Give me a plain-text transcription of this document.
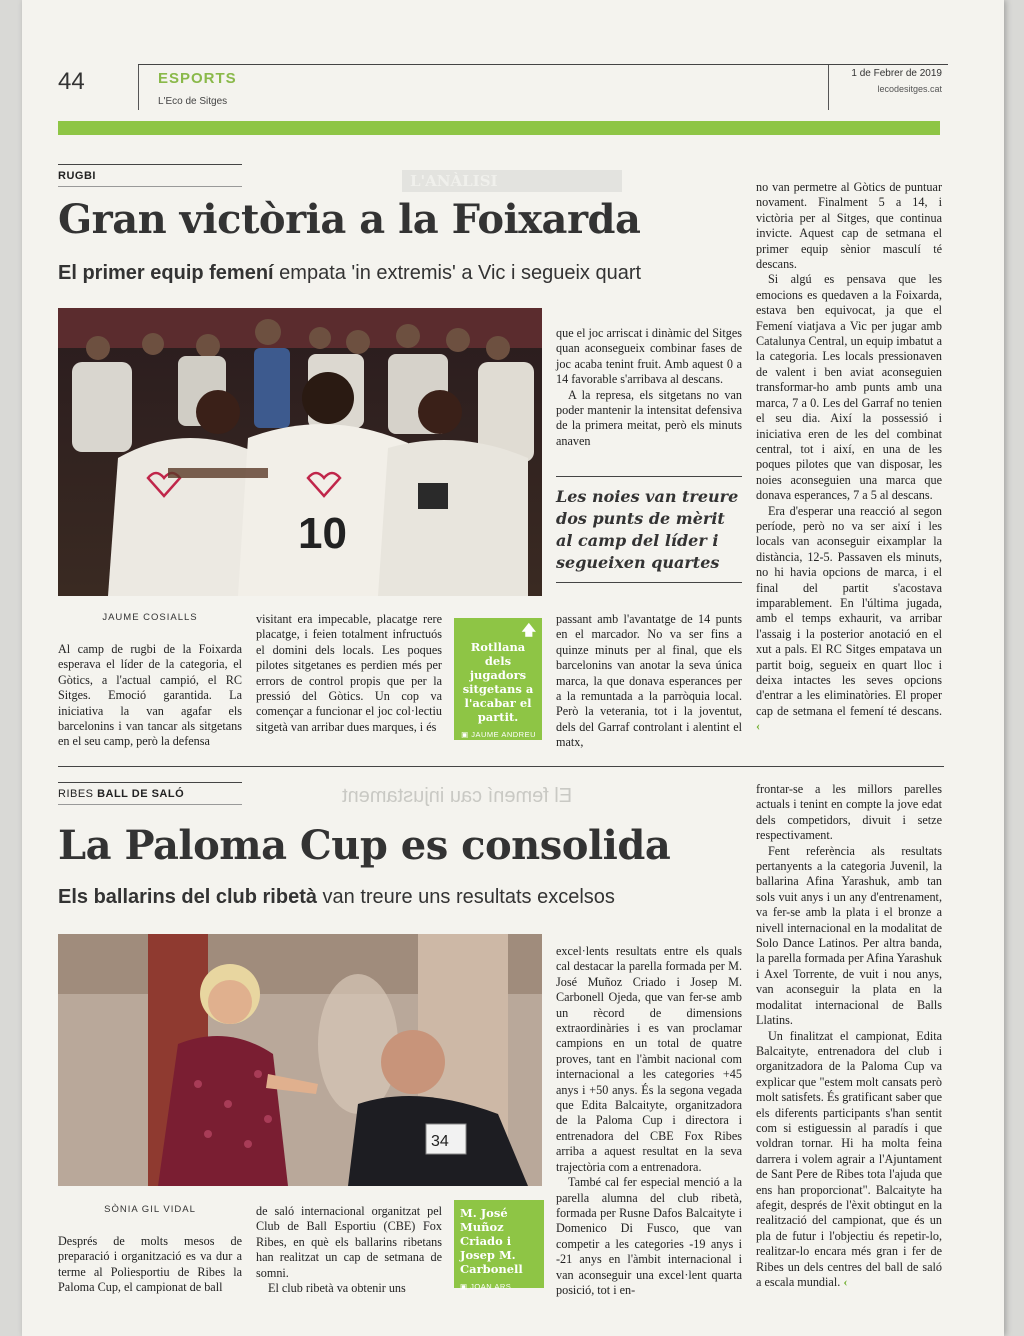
L'ANÀLISI
El femení cau injustament
44	ESPORTS
L'Eco de Sitges
1 de Febrer de 2019
lecodesitges.cat
RUGBI
Gran victòria a la Foixarda
El primer equip femení empata 'in extremis' a Vic i segueix quart
10
JAUME COSIALLS

Al camp de rugbi de la Foixarda esperava el líder de la categoria, el Gòtics, a l'actual campió, el RC Sitges. Emoció garantida. La iniciativa la van agafar els barcelonins i van tancar als sitgetans en el seu camp, però la defensa

visitant era impecable, placatge rere placatge, i feien totalment infructuós el domini dels locals. Les poques pilotes sitgetanes es perdien més per errors de control propis que per la pressió del Gòtics. Un cop va començar a funcionar el joc col·lectiu sitgetà van arribar dues marques, i és

🡅
Rotllana dels jugadors sitgetans a l'acabar el partit.
▣ JAUME ANDREU

que el joc arriscat i dinàmic del Sitges quan aconsegueix combinar fases de joc acaba tenint fruit. Amb aquest 0 a 14 favorable s'arribava al descans.

A la represa, els sitgetans no van poder mantenir la intensitat defensiva de la primera meitat, però els minuts anaven

Les noies van treure dos punts de mèrit al camp del líder i segueixen quartes

passant amb l'avantatge de 14 punts en el marcador. No va ser fins a quinze minuts per al final, que els barcelonins van anotar la seva única marca, la que donava esperances per a la remuntada a la parròquia local. Però la veterania, tot i la joventut, dels del Garraf controlant i alentint el matx,

no van permetre al Gòtics de puntuar novament. Finalment 5 a 14, i victòria per al Sitges, que continua invicte. Aquest cap de setmana el primer equip sènior masculí té descans.

Si algú es pensava que les emocions es quedaven a la Foixarda, estava ben equivocat, ja que el Femení viatjava a Vic per jugar amb Catalunya Central, un equip imbatut a la categoria. Les locals pressionaven de valent i ben aviat aconseguien transformar-ho amb punts amb una marca, 7 a 0. Les del Garraf no tenien el seu dia. Així la possessió i iniciativa eren de les del combinat central, tot i així, en una de les poques pilotes que van disposar, les noies aconseguien una marca que donava esperances, 7 a 5 al descans.

Era d'esperar una reacció al segon període, però no va ser així i les locals van aconseguir eixamplar la distància, 12-5. Passaven els minuts, no hi havia opcions de marca, i el final del partit s'acostava imparablement. En l'última jugada, amb el temps exhaurit, va arribar l'assaig i la posterior anotació en el xut a pals. El RC Sitges empatava un partit boig, segueix en quart lloc i deixa intactes les seves opcions d'entrar a les eliminatòries. El proper cap de setmana el femení té descans. ‹

RIBES BALL DE SALÓ
La Paloma Cup es consolida
Els ballarins del club ribetà van treure uns resultats excelsos
34
SÒNIA GIL VIDAL

Després de molts mesos de preparació i organització es va dur a terme al Poliesportiu de Ribes la Paloma Cup, el campionat de ball

de saló internacional organitzat pel Club de Ball Esportiu (CBE) Fox Ribes, en què els ballarins ribetans han realitzat un cap de setmana de somni.

El club ribetà va obtenir uns

M. José Muñoz Criado i Josep M. Carbonell
▣ JOAN ARS

excel·lents resultats entre els quals cal destacar la parella formada per M. José Muñoz Criado i Josep M. Carbonell Ojeda, que van fer-se amb un rècord de dimensions extraordinàries i es van proclamar campions en un total de quatre proves, tant en l'àmbit nacional com internacional a les categories +45 anys i +50 anys. És la segona vegada que Edita Balcaityte, organitzadora de la Paloma Cup i directora i entrenadora del CBE Fox Ribes arriba a aquest resultat en la seva trajectòria com a entrenadora.

També cal fer especial menció a la parella alumna del club ribetà, formada per Rusne Dafos Balcaityte i Domenico Di Fusco, que van competir a les categories -19 anys i -21 anys en l'àmbit internacional i van aconseguir una excel·lent quarta posició, tot i en-

frontar-se a les millors parelles actuals i tenint en compte la jove edat dels competidors, divuit i setze respectivament.

Fent referència als resultats pertanyents a la categoria Juvenil, la ballarina Afina Yarashuk, amb tan sols vuit anys i un any d'entrenament, va fer-se amb la plata i el bronze a nivell internacional en la modalitat de Solo Dance Latinos. Per altra banda, la parella formada per Afina Yarashuk i Axel Torrente, de vuit i nou anys, van aconseguir la plata en la modalitat internacional de Balls Llatins.

Un finalitzat el campionat, Edita Balcaityte, entrenadora del club i organitzadora de la Paloma Cup va explicar que "estem molt cansats però molt satisfets. És gratificant saber que els diferents participants s'han sentit com si estiguessin al paradís i que voldran tornar. Hi ha molta feina darrera i volem agrair a l'Ajuntament de Sant Pere de Ribes tota l'ajuda que ens han proporcionat". Balcaityte ha afegit, després de l'èxit obtingut en la realització del campionat, que és un pla de futur i l'objectiu és repetir-lo, realitzar-lo encara més gran i fer de Ribes un dels centres del ball de saló a escala mundial. ‹
